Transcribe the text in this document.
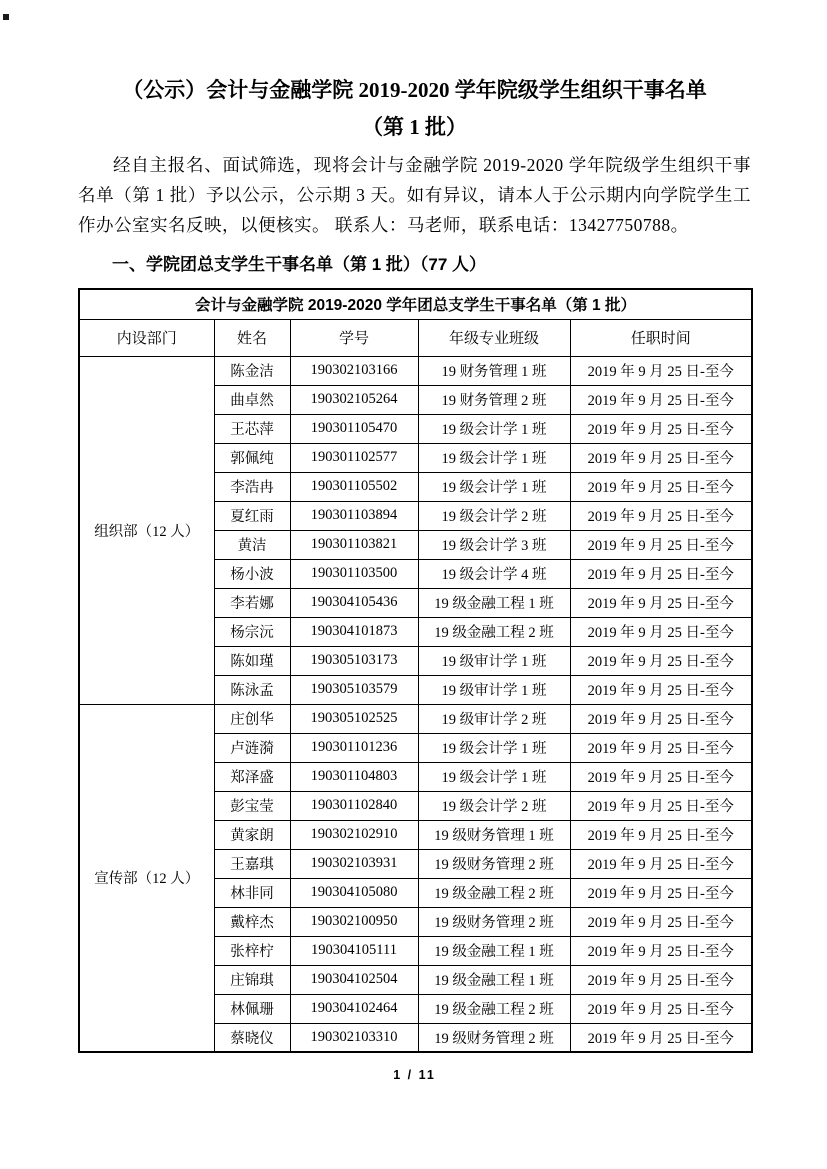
（公示）会计与金融学院 2019-2020 学年院级学生组织干事名单
（第 1 批）

经自主报名、面试筛选，现将会计与金融学院 2019-2020 学年院级学生组织干事名单（第 1 批）予以公示，公示期 3 天。如有异议，请本人于公示期内向学院学生工作办公室实名反映，以便核实。 联系人：马老师，联系电话：13427750788。

一、学院团总支学生干事名单（第 1 批）（77 人）
会计与金融学院 2019-2020 学年团总支学生干事名单（第 1 批）				
内设部门	姓名	学号	年级专业班级	任职时间
组织部（12 人）	陈金洁	190302103166	19 财务管理 1 班	2019 年 9 月 25 日-至今
	曲卓然	190302105264	19 财务管理 2 班	2019 年 9 月 25 日-至今
	王芯萍	190301105470	19 级会计学 1 班	2019 年 9 月 25 日-至今
	郭佩纯	190301102577	19 级会计学 1 班	2019 年 9 月 25 日-至今
	李浩冉	190301105502	19 级会计学 1 班	2019 年 9 月 25 日-至今
	夏红雨	190301103894	19 级会计学 2 班	2019 年 9 月 25 日-至今
	黄洁	190301103821	19 级会计学 3 班	2019 年 9 月 25 日-至今
	杨小波	190301103500	19 级会计学 4 班	2019 年 9 月 25 日-至今
	李若娜	190304105436	19 级金融工程 1 班	2019 年 9 月 25 日-至今
	杨宗沅	190304101873	19 级金融工程 2 班	2019 年 9 月 25 日-至今
	陈如瑾	190305103173	19 级审计学 1 班	2019 年 9 月 25 日-至今
	陈泳孟	190305103579	19 级审计学 1 班	2019 年 9 月 25 日-至今
宣传部（12 人）	庄创华	190305102525	19 级审计学 2 班	2019 年 9 月 25 日-至今
	卢涟漪	190301101236	19 级会计学 1 班	2019 年 9 月 25 日-至今
	郑泽盛	190301104803	19 级会计学 1 班	2019 年 9 月 25 日-至今
	彭宝莹	190301102840	19 级会计学 2 班	2019 年 9 月 25 日-至今
	黄家朗	190302102910	19 级财务管理 1 班	2019 年 9 月 25 日-至今
	王嘉琪	190302103931	19 级财务管理 2 班	2019 年 9 月 25 日-至今
	林非同	190304105080	19 级金融工程 2 班	2019 年 9 月 25 日-至今
	戴梓杰	190302100950	19 级财务管理 2 班	2019 年 9 月 25 日-至今
	张梓柠	190304105111	19 级金融工程 1 班	2019 年 9 月 25 日-至今
	庄锦琪	190304102504	19 级金融工程 1 班	2019 年 9 月 25 日-至今
	林佩珊	190304102464	19 级金融工程 2 班	2019 年 9 月 25 日-至今
	蔡晓仪	190302103310	19 级财务管理 2 班	2019 年 9 月 25 日-至今
1 / 11
